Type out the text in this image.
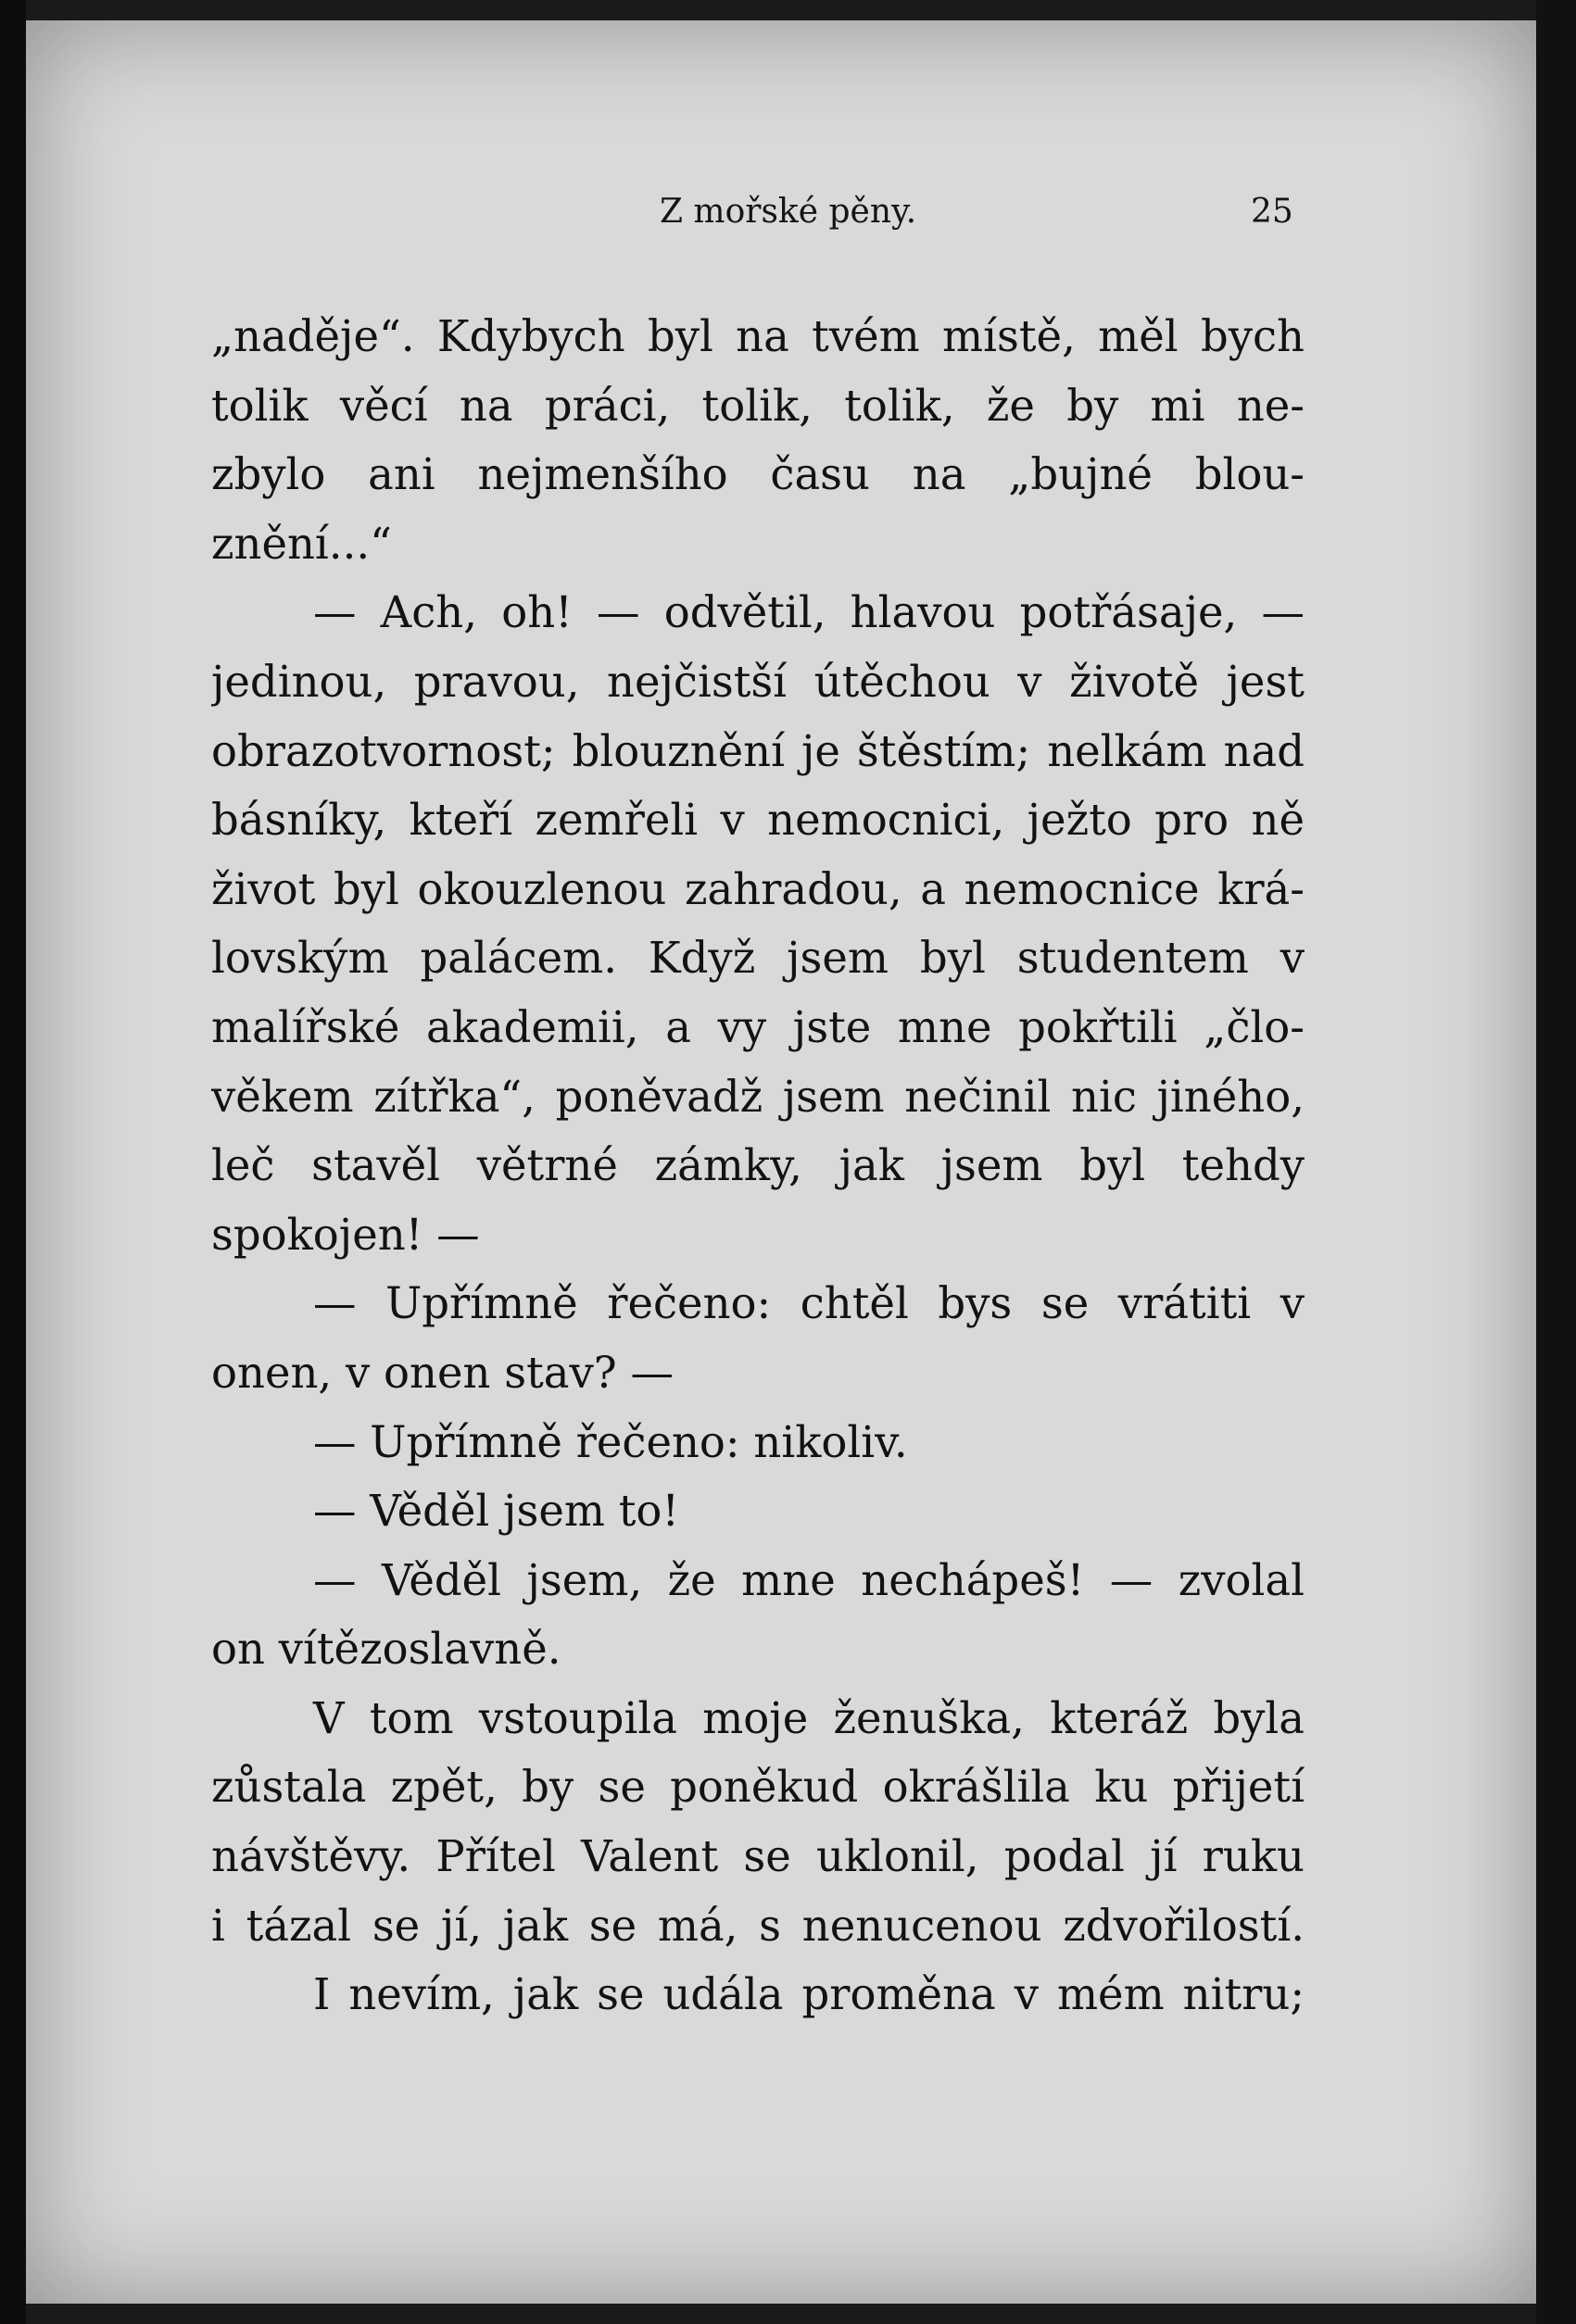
Z mořské pěny.	25
„naděje“. Kdybych byl na tvém místě, měl bych
tolik věcí na práci, tolik, tolik, že by mi ne-
zbylo ani nejmenšího času na „bujné blou-
znění...“
— Ach, oh! — odvětil, hlavou potřásaje, —
jedinou, pravou, nejčistší útěchou v životě jest
obrazotvornost; blouznění je štěstím; nelkám nad
básníky, kteří zemřeli v nemocnici, ježto pro ně
život byl okouzlenou zahradou, a nemocnice krá-
lovským palácem. Když jsem byl studentem v
malířské akademii, a vy jste mne pokřtili „člo-
věkem zítřka“, poněvadž jsem nečinil nic jiného,
leč stavěl větrné zámky, jak jsem byl tehdy
spokojen! —
— Upřímně řečeno: chtěl bys se vrátiti v
onen, v onen stav? —
— Upřímně řečeno: nikoliv.
— Věděl jsem to!
— Věděl jsem, že mne nechápeš! — zvolal
on vítězoslavně.
V tom vstoupila moje ženuška, kteráž byla
zůstala zpět, by se poněkud okrášlila ku přijetí
návštěvy. Přítel Valent se uklonil, podal jí ruku
i tázal se jí, jak se má, s nenucenou zdvořilostí.
I nevím, jak se udála proměna v mém nitru;
